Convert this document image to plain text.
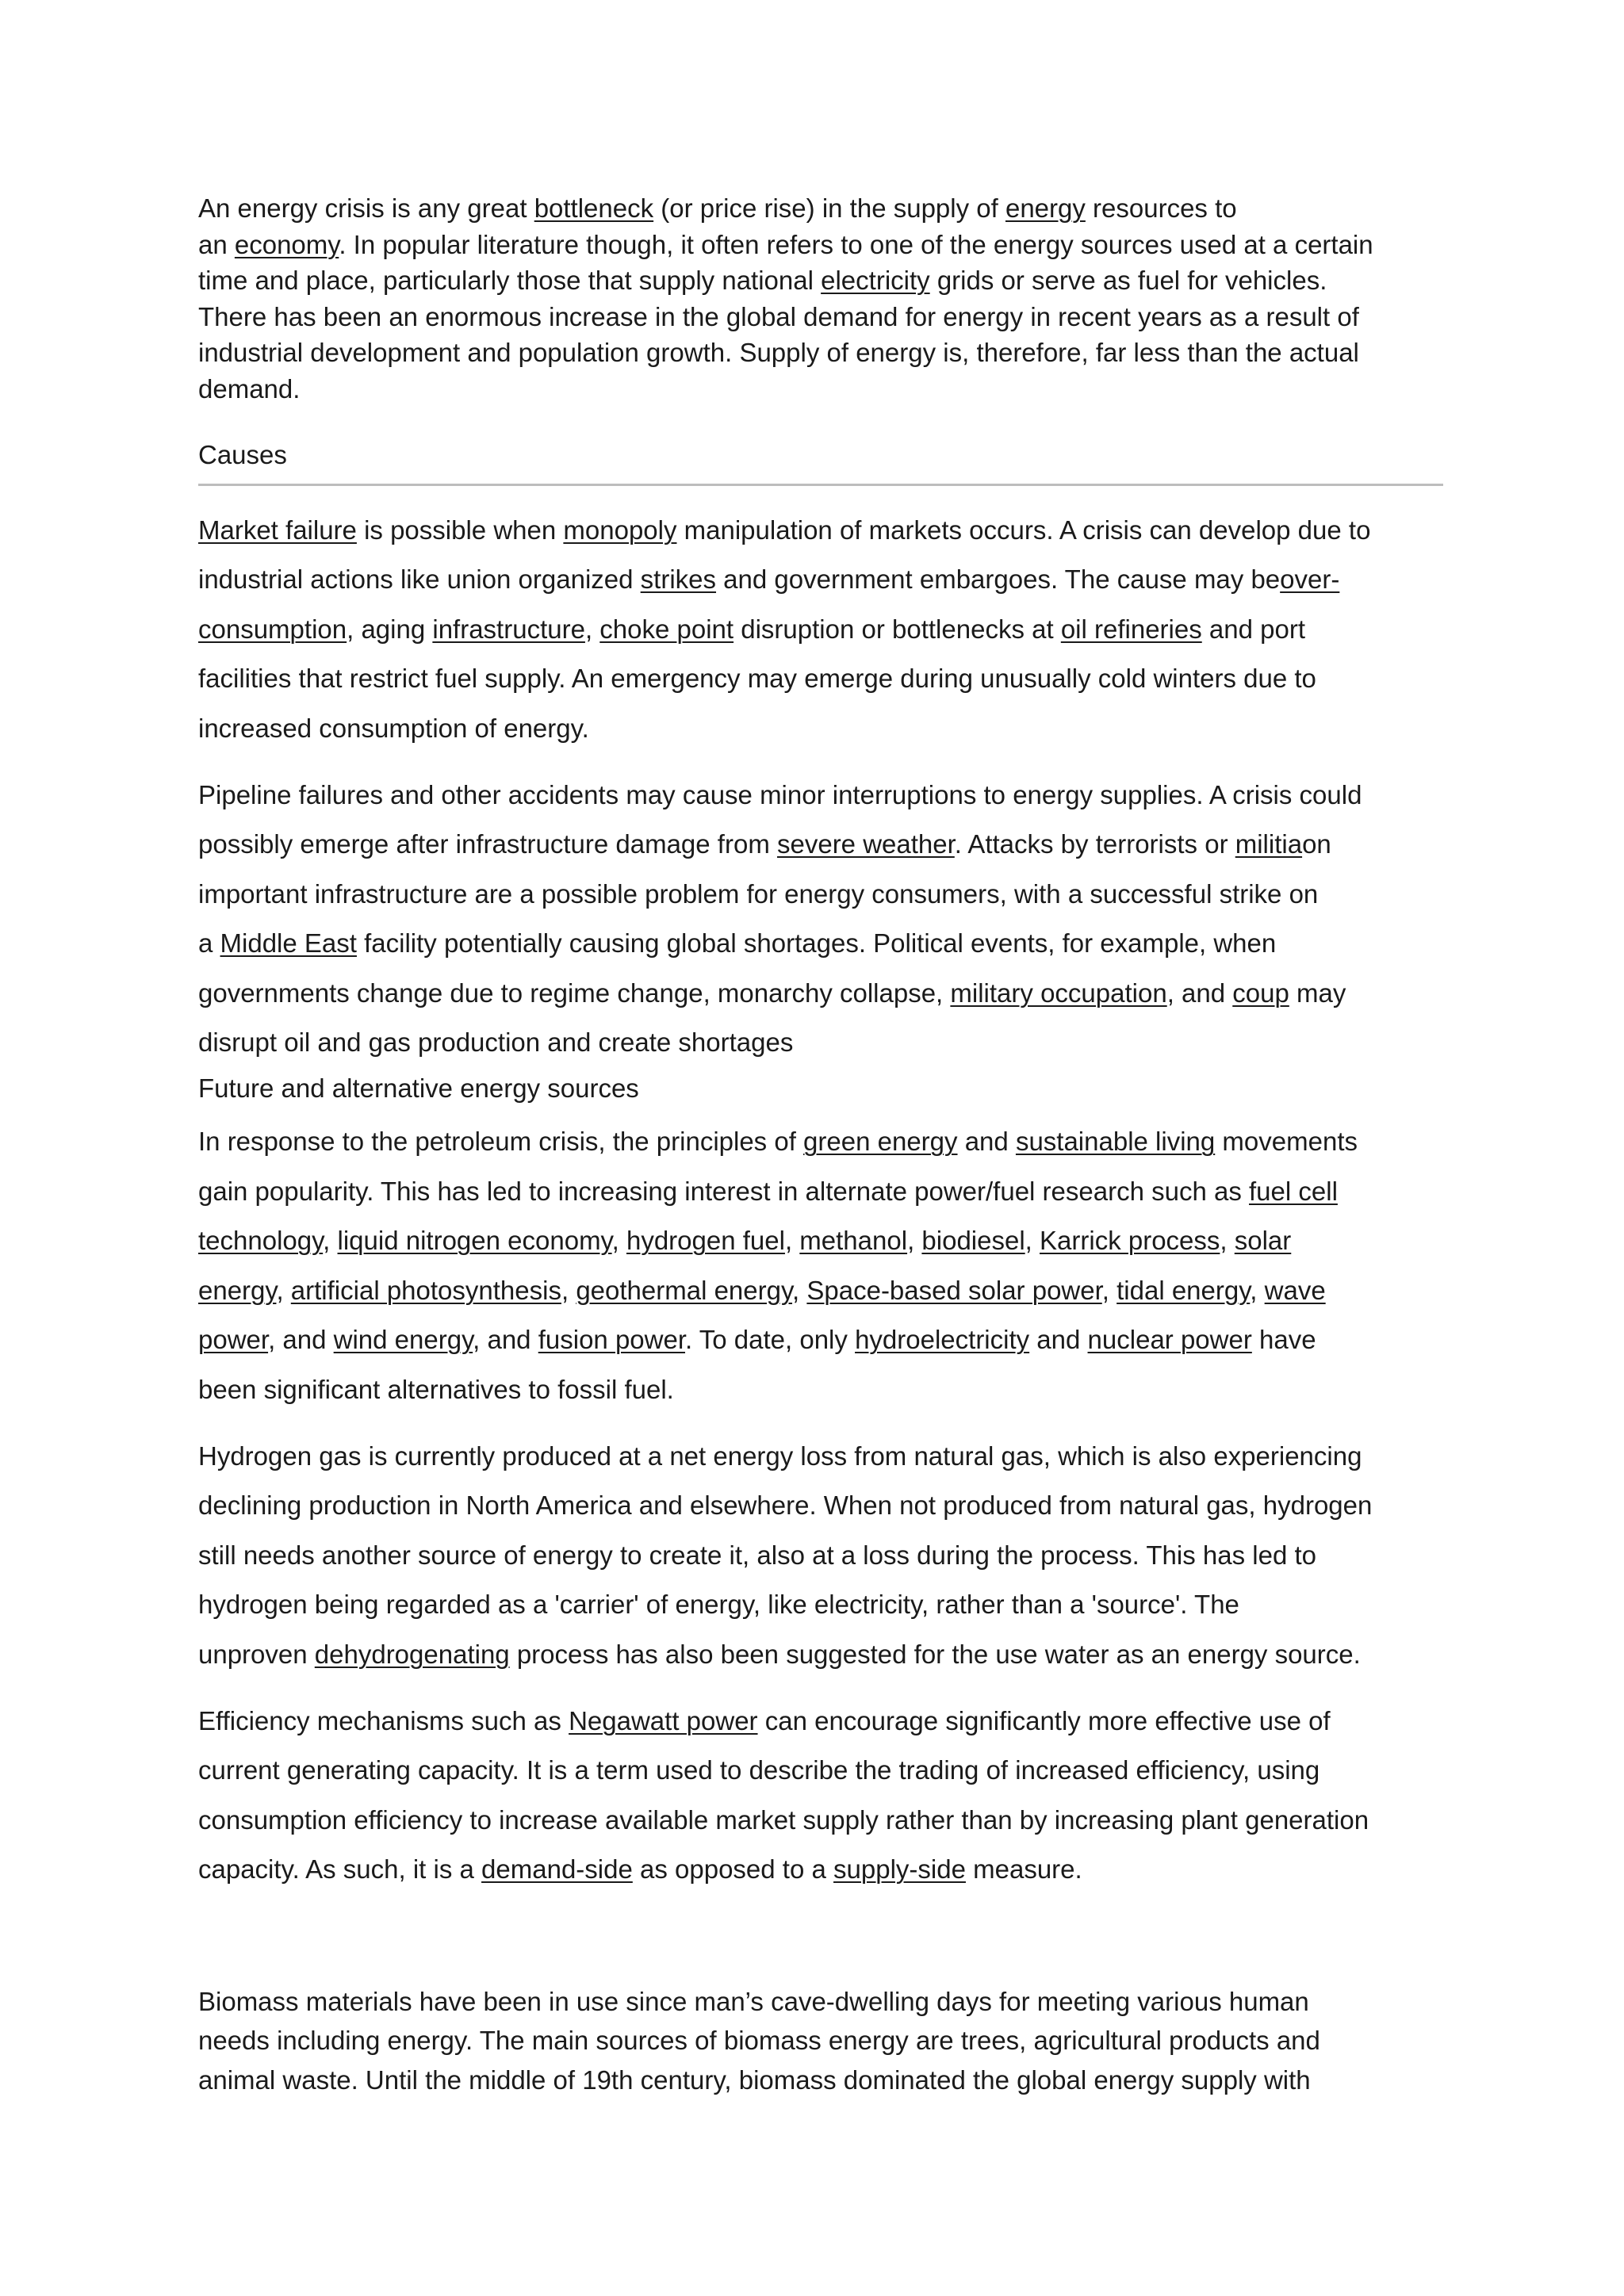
An energy crisis is any great bottleneck (or price rise) in the supply of energy resources to
an economy. In popular literature though, it often refers to one of the energy sources used at a certain
time and place, particularly those that supply national electricity grids or serve as fuel for vehicles.
There has been an enormous increase in the global demand for energy in recent years as a result of
industrial development and population growth. Supply of energy is, therefore, far less than the actual
demand.

Causes

Market failure is possible when monopoly manipulation of markets occurs. A crisis can develop due to
industrial actions like union organized strikes and government embargoes. The cause may beover-
consumption, aging infrastructure, choke point disruption or bottlenecks at oil refineries and port
facilities that restrict fuel supply. An emergency may emerge during unusually cold winters due to
increased consumption of energy.

Pipeline failures and other accidents may cause minor interruptions to energy supplies. A crisis could
possibly emerge after infrastructure damage from severe weather. Attacks by terrorists or militiaon
important infrastructure are a possible problem for energy consumers, with a successful strike on
a Middle East facility potentially causing global shortages. Political events, for example, when
governments change due to regime change, monarchy collapse, military occupation, and coup may
disrupt oil and gas production and create shortages

Future and alternative energy sources

In response to the petroleum crisis, the principles of green energy and sustainable living movements
gain popularity. This has led to increasing interest in alternate power/fuel research such as fuel cell
technology, liquid nitrogen economy, hydrogen fuel, methanol, biodiesel, Karrick process, solar
energy, artificial photosynthesis, geothermal energy, Space-based solar power, tidal energy, wave
power, and wind energy, and fusion power. To date, only hydroelectricity and nuclear power have
been significant alternatives to fossil fuel.

Hydrogen gas is currently produced at a net energy loss from natural gas, which is also experiencing
declining production in North America and elsewhere. When not produced from natural gas, hydrogen
still needs another source of energy to create it, also at a loss during the process. This has led to
hydrogen being regarded as a 'carrier' of energy, like electricity, rather than a 'source'. The
unproven dehydrogenating process has also been suggested for the use water as an energy source.

Efficiency mechanisms such as Negawatt power can encourage significantly more effective use of
current generating capacity. It is a term used to describe the trading of increased efficiency, using
consumption efficiency to increase available market supply rather than by increasing plant generation
capacity. As such, it is a demand-side as opposed to a supply-side measure.

Biomass materials have been in use since man’s cave-dwelling days for meeting various human
needs including energy. The main sources of biomass energy are trees, agricultural products and
animal waste. Until the middle of 19th century, biomass dominated the global energy supply with
